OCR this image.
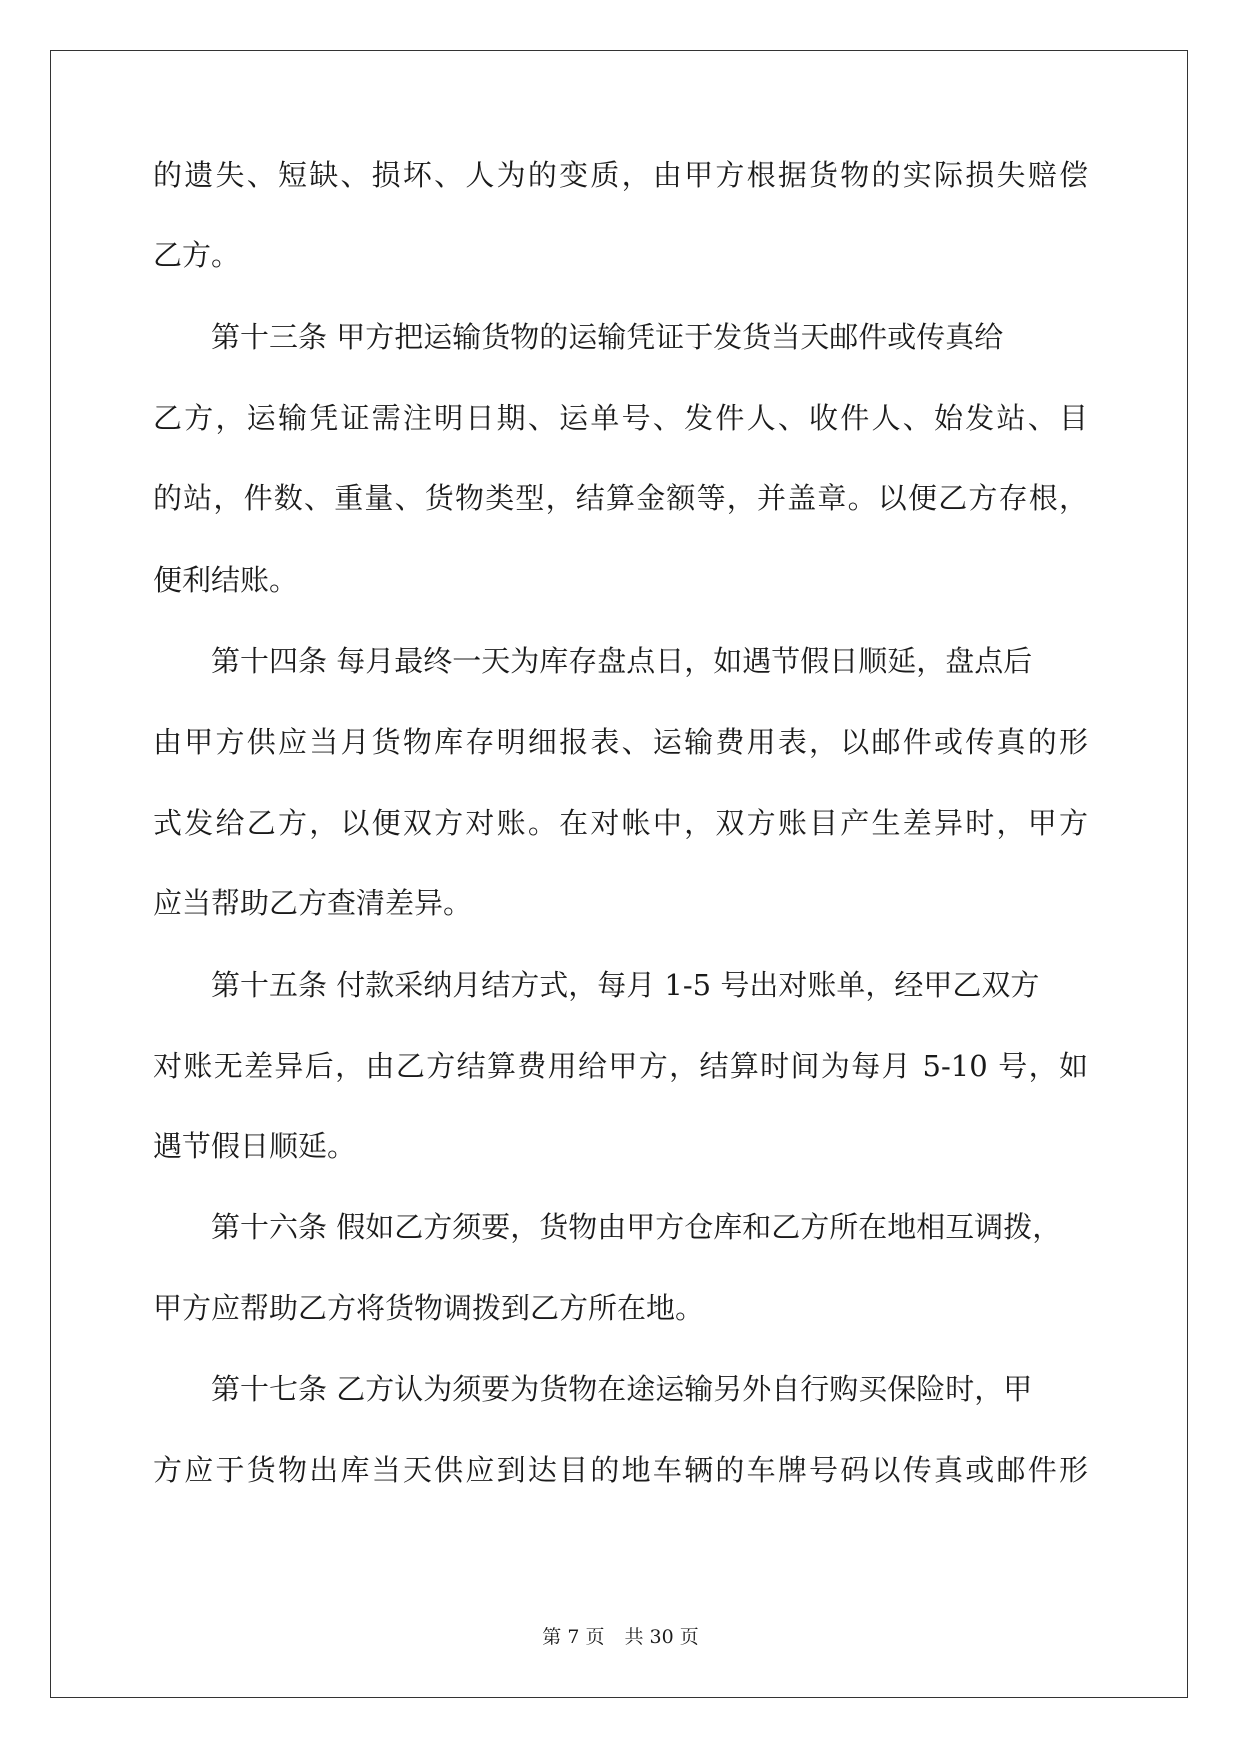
的遗失、短缺、损坏、人为的变质，由甲方根据货物的实际损失赔偿
乙方。
第十三条 甲方把运输货物的运输凭证于发货当天邮件或传真给
乙方，运输凭证需注明日期、运单号、发件人、收件人、始发站、目
的站，件数、重量、货物类型，结算金额等，并盖章。以便乙方存根，
便利结账。
第十四条 每月最终一天为库存盘点日，如遇节假日顺延，盘点后
由甲方供应当月货物库存明细报表、运输费用表，以邮件或传真的形
式发给乙方，以便双方对账。在对帐中，双方账目产生差异时，甲方
应当帮助乙方查清差异。
第十五条 付款采纳月结方式，每月 1-5 号出对账单，经甲乙双方
对账无差异后，由乙方结算费用给甲方，结算时间为每月 5-10 号，如
遇节假日顺延。
第十六条 假如乙方须要，货物由甲方仓库和乙方所在地相互调拨，
甲方应帮助乙方将货物调拨到乙方所在地。
第十七条 乙方认为须要为货物在途运输另外自行购买保险时，甲
方应于货物出库当天供应到达目的地车辆的车牌号码以传真或邮件形
第 7 页 共 30 页
